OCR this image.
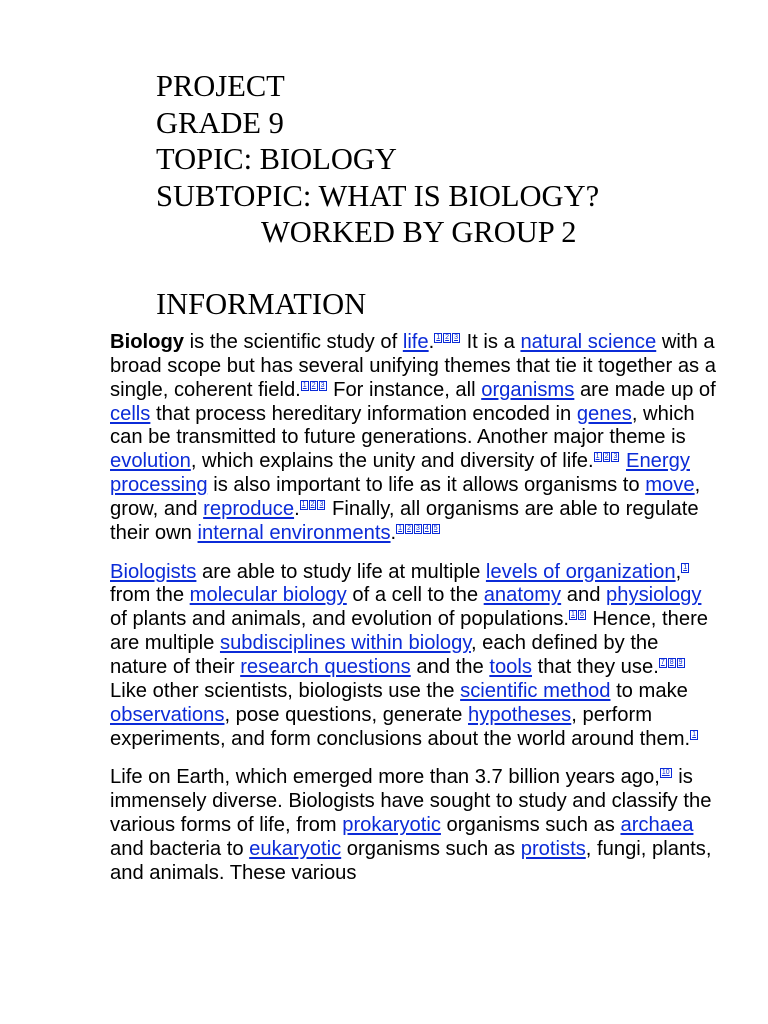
PROJECT
GRADE 9
TOPIC: BIOLOGY
SUBTOPIC: WHAT IS BIOLOGY?
WORKED BY GROUP 2
INFORMATION

Biology is the scientific study of life. $^{1 2 3}$ It is a natural science with a broad scope but has several unifying themes that tie it together as a single, coherent field. $^{1 2 3}$ For instance, all organisms are made up of cells that process hereditary information encoded in genes, which can be transmitted to future generations. Another major theme is evolution, which explains the unity and diversity of life. $^{1 2 3}$ Energy processing is also important to life as it allows organisms to move, grow, and reproduce. $^{1 2 3}$ Finally, all organisms are able to regulate their own internal environments. $^{1 2 3 4 5}$

Biologists are able to study life at multiple levels of organization, $^1$ from the molecular biology of a cell to the anatomy and physiology of plants and animals, and evolution of populations. $^{1 6}$ Hence, there are multiple subdisciplines within biology, each defined by the nature of their research questions and the tools that they use. $^{7 8 9}$ Like other scientists, biologists use the scientific method to make observations, pose questions, generate hypotheses, perform experiments, and form conclusions about the world around them. $^1$

Life on Earth, which emerged more than 3.7 billion years ago, $^{10}$ is immensely diverse. Biologists have sought to study and classify the various forms of life, from prokaryotic organisms such as archaea and bacteria to eukaryotic organisms such as protists, fungi, plants, and animals. These various
